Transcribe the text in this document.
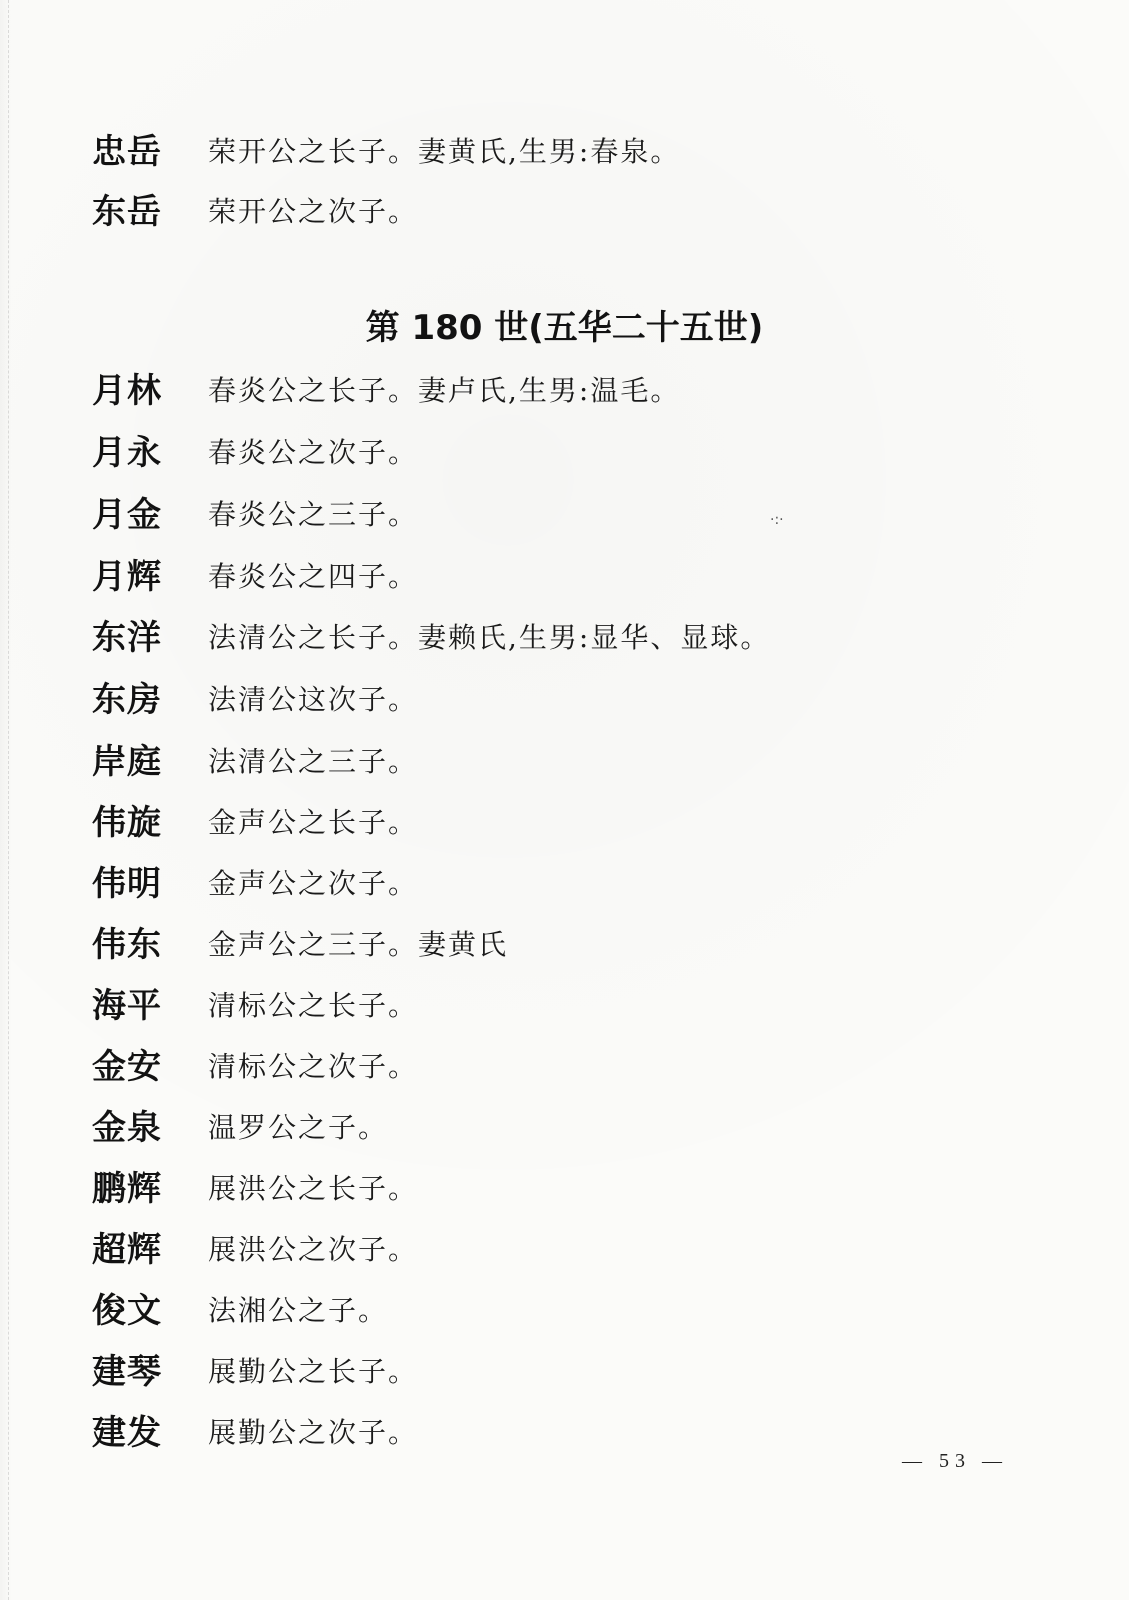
忠岳	荣开公之长子。妻黄氏,生男:春泉。
东岳	荣开公之次子。
第 180 世(五华二十五世)
月林	春炎公之长子。妻卢氏,生男:温毛。
月永	春炎公之次子。
月金	春炎公之三子。
月辉	春炎公之四子。
东洋	法清公之长子。妻赖氏,生男:显华、显球。
东房	法清公这次子。
岸庭	法清公之三子。
伟旋	金声公之长子。
伟明	金声公之次子。
伟东	金声公之三子。妻黄氏
海平	清标公之长子。
金安	清标公之次子。
金泉	温罗公之子。
鹏辉	展洪公之长子。
超辉	展洪公之次子。
俊文	法湘公之子。
建琴	展勤公之长子。
建发	展勤公之次子。
·:·
— 53 —
